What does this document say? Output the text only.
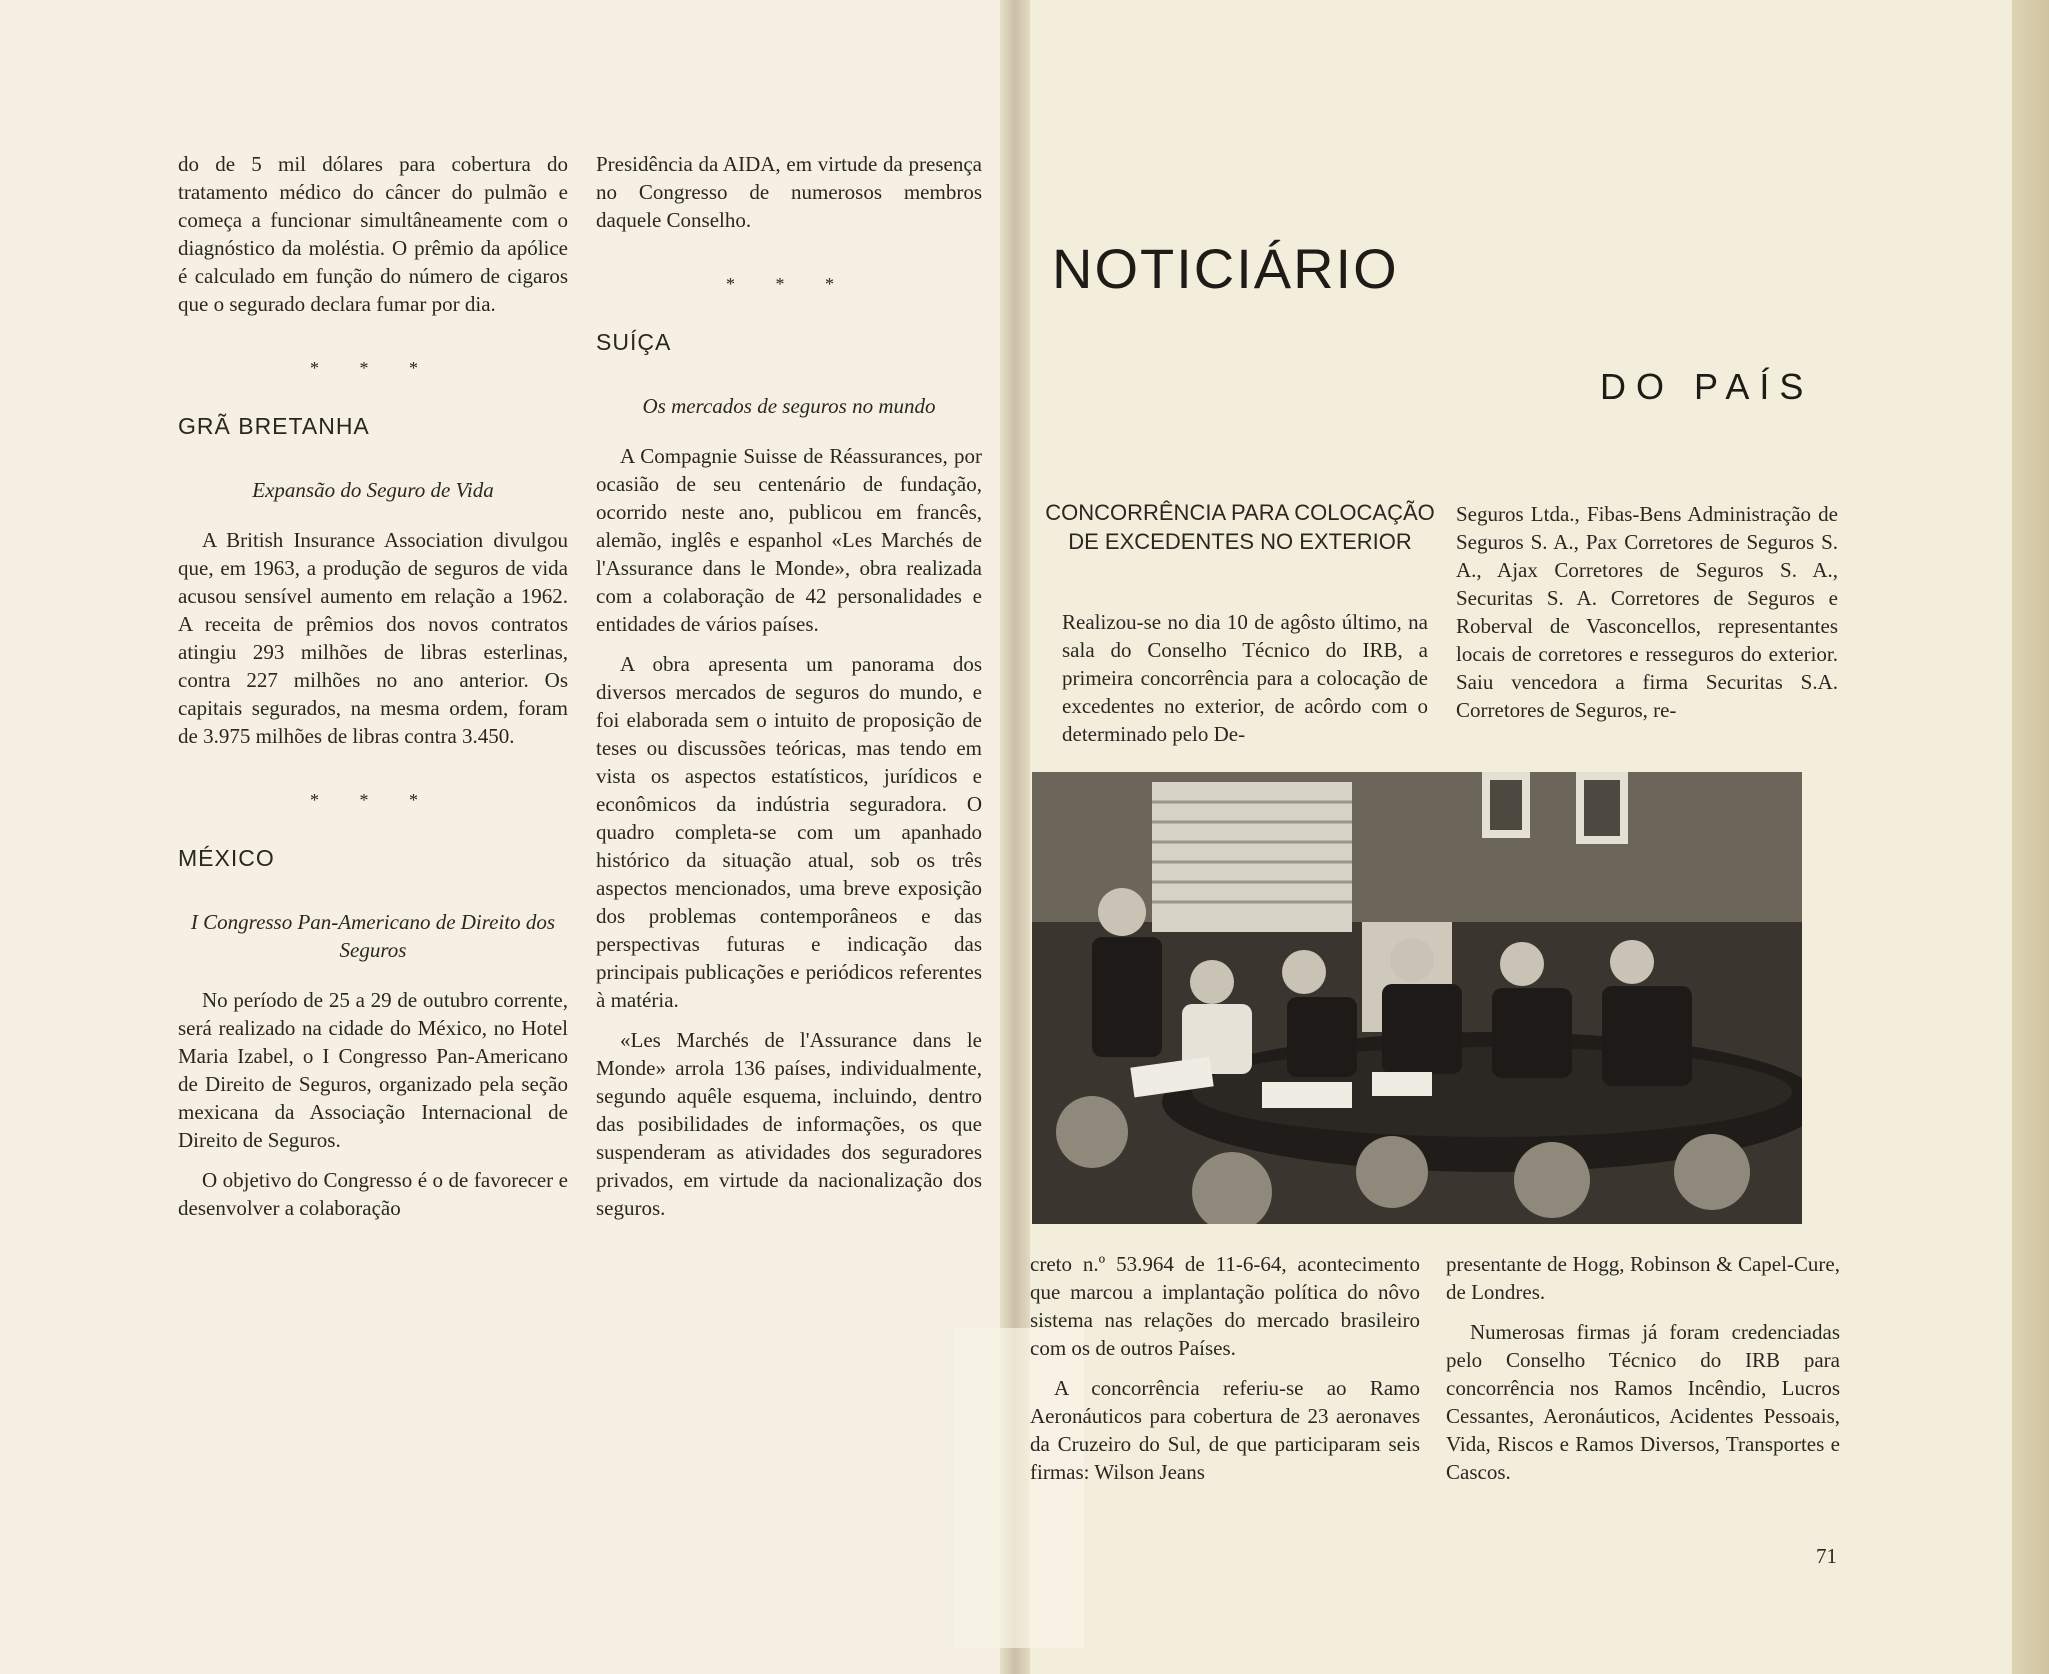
do de 5 mil dólares para cobertura do tratamento médico do câncer do pulmão e começa a funcionar simultâneamente com o diagnóstico da moléstia. O prêmio da apólice é calculado em função do número de cigaros que o segurado declara fumar por dia.

* * *
GRÃ BRETANHA
Expansão do Seguro de Vida

A British Insurance Association divulgou que, em 1963, a produção de seguros de vida acusou sensível aumento em relação a 1962. A receita de prêmios dos novos contratos atingiu 293 milhões de libras esterlinas, contra 227 milhões no ano anterior. Os capitais segurados, na mesma ordem, foram de 3.975 milhões de libras contra 3.450.

* * *
MÉXICO
I Congresso Pan-Americano de Direito dos Seguros

No período de 25 a 29 de outubro corrente, será realizado na cidade do México, no Hotel Maria Izabel, o I Congresso Pan-Americano de Direito de Seguros, organizado pela seção mexicana da Associação Internacional de Direito de Seguros.

O objetivo do Congresso é o de favorecer e desenvolver a colaboração

Presidência da AIDA, em virtude da presença no Congresso de numerosos membros daquele Conselho.

* * *
SUÍÇA
Os mercados de seguros no mundo

A Compagnie Suisse de Réassurances, por ocasião de seu centenário de fundação, ocorrido neste ano, publicou em francês, alemão, inglês e espanhol «Les Marchés de l'Assurance dans le Monde», obra realizada com a colaboração de 42 personalidades e entidades de vários países.

A obra apresenta um panorama dos diversos mercados de seguros do mundo, e foi elaborada sem o intuito de proposição de teses ou discussões teóricas, mas tendo em vista os aspectos estatísticos, jurídicos e econômicos da indústria seguradora. O quadro completa-se com um apanhado histórico da situação atual, sob os três aspectos mencionados, uma breve exposição dos problemas contemporâneos e das perspectivas futuras e indicação das principais publicações e periódicos referentes à matéria.

«Les Marchés de l'Assurance dans le Monde» arrola 136 países, individualmente, segundo aquêle esquema, incluindo, dentro das posibilidades de informações, os que suspenderam as atividades dos seguradores privados, em virtude da nacionalização dos seguros.

NOTICIÁRIO
DO PAÍS
CONCORRÊNCIA PARA COLOCAÇÃO DE EXCEDENTES NO EXTERIOR

Realizou-se no dia 10 de agôsto último, na sala do Conselho Técnico do IRB, a primeira concorrência para a colocação de excedentes no exterior, de acôrdo com o determinado pelo De-

Seguros Ltda., Fibas-Bens Administração de Seguros S. A., Pax Corretores de Seguros S. A., Ajax Corretores de Seguros S. A., Securitas S. A. Corretores de Seguros e Roberval de Vasconcellos, representantes locais de corretores e resseguros do exterior. Saiu vencedora a firma Securitas S.A. Corretores de Seguros, re-

creto n.º 53.964 de 11-6-64, acontecimento que marcou a implantação política do nôvo sistema nas relações do mercado brasileiro com os de outros Países.

A concorrência referiu-se ao Ramo Aeronáuticos para cobertura de 23 aeronaves da Cruzeiro do Sul, de que participaram seis firmas: Wilson Jeans

presentante de Hogg, Robinson & Capel-Cure, de Londres.

Numerosas firmas já foram credenciadas pelo Conselho Técnico do IRB para concorrência nos Ramos Incêndio, Lucros Cessantes, Aeronáuticos, Acidentes Pessoais, Vida, Riscos e Ramos Diversos, Transportes e Cascos.

71
